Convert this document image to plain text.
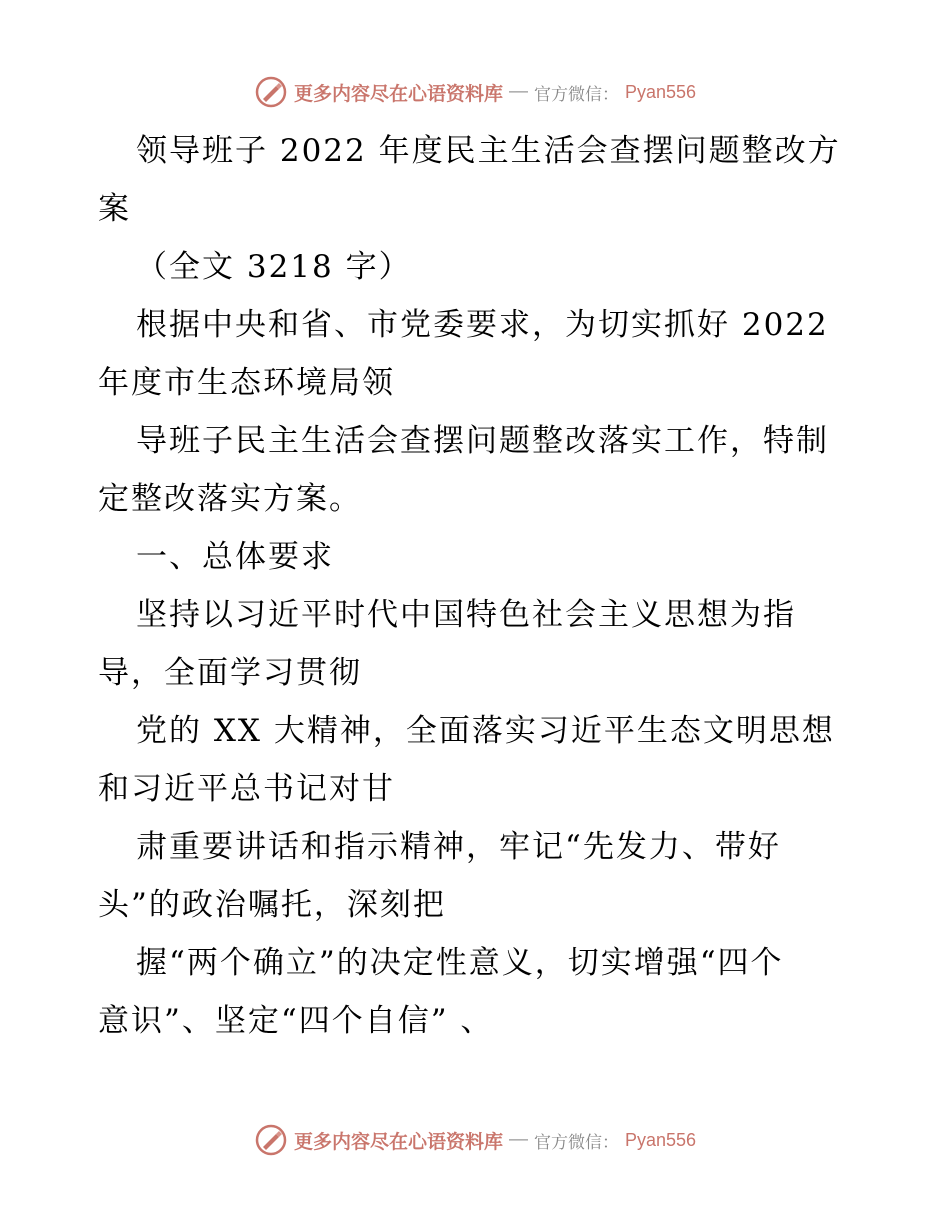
更多内容尽在心语资料库 — 官方微信： Pyan556
领导班子 2022 年度民主生活会查摆问题整改方
案
（全文 3218 字）
根据中央和省、市党委要求，为切实抓好 2022
年度市生态环境局领
导班子民主生活会查摆问题整改落实工作，特制
定整改落实方案。
一、总体要求
坚持以习近平时代中国特色社会主义思想为指
导，全面学习贯彻
党的 XX 大精神，全面落实习近平生态文明思想
和习近平总书记对甘
肃重要讲话和指示精神，牢记“先发力、带好
头”的政治嘱托，深刻把
握“两个确立”的决定性意义，切实增强“四个
意识”、坚定“四个自信” 、
更多内容尽在心语资料库 — 官方微信： Pyan556
